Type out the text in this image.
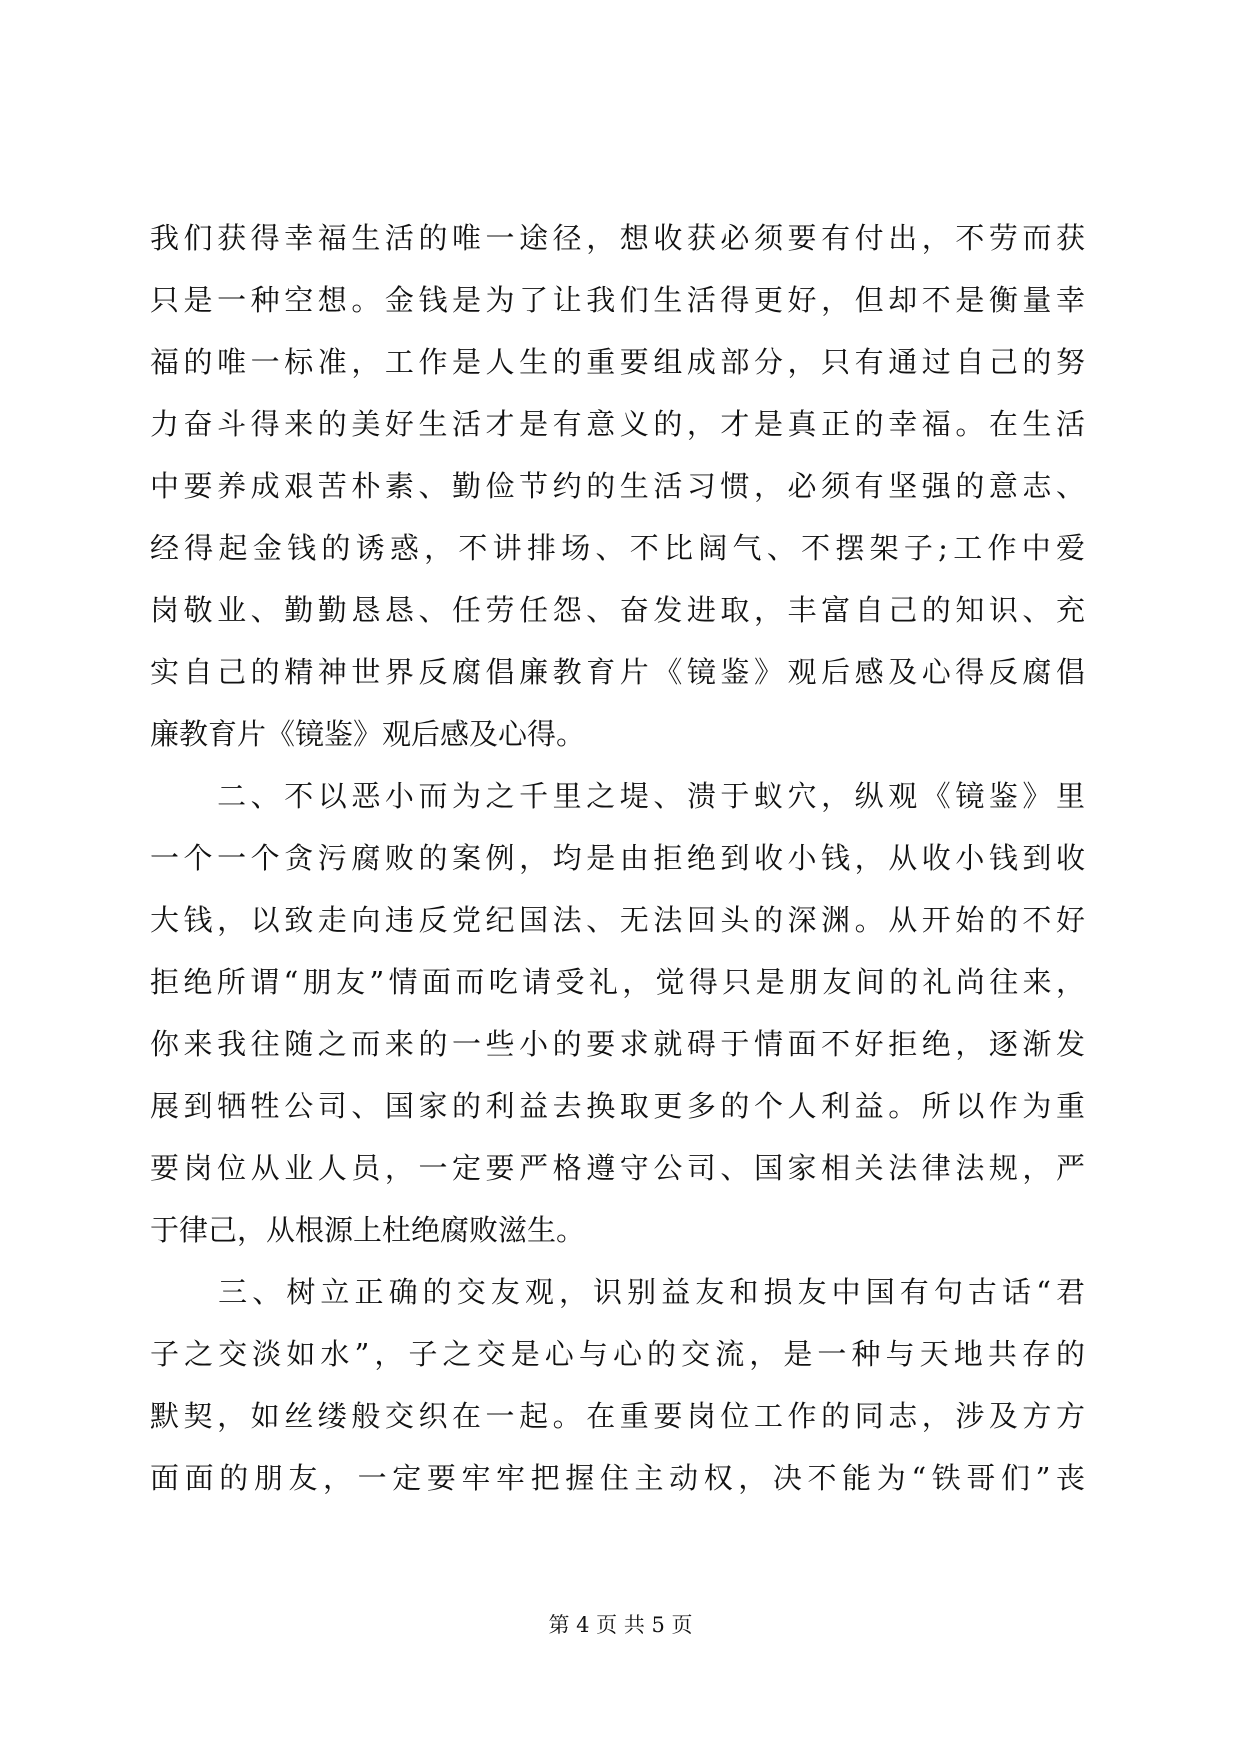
我们获得幸福生活的唯一途径，想收获必须要有付出，不劳而获
只是一种空想。金钱是为了让我们生活得更好，但却不是衡量幸
福的唯一标准，工作是人生的重要组成部分，只有通过自己的努
力奋斗得来的美好生活才是有意义的，才是真正的幸福。在生活
中要养成艰苦朴素、勤俭节约的生活习惯，必须有坚强的意志、
经得起金钱的诱惑，不讲排场、不比阔气、不摆架子;工作中爱
岗敬业、勤勤恳恳、任劳任怨、奋发进取，丰富自己的知识、充
实自己的精神世界反腐倡廉教育片《镜鉴》观后感及心得反腐倡
廉教育片《镜鉴》观后感及心得。
　　二、不以恶小而为之千里之堤、溃于蚁穴，纵观《镜鉴》里
一个一个贪污腐败的案例，均是由拒绝到收小钱，从收小钱到收
大钱，以致走向违反党纪国法、无法回头的深渊。从开始的不好
拒绝所谓“朋友”情面而吃请受礼，觉得只是朋友间的礼尚往来，
你来我往随之而来的一些小的要求就碍于情面不好拒绝，逐渐发
展到牺牲公司、国家的利益去换取更多的个人利益。所以作为重
要岗位从业人员，一定要严格遵守公司、国家相关法律法规，严
于律己，从根源上杜绝腐败滋生。
　　三、树立正确的交友观，识别益友和损友中国有句古话“君
子之交淡如水”，子之交是心与心的交流，是一种与天地共存的
默契，如丝缕般交织在一起。在重要岗位工作的同志，涉及方方
面面的朋友，一定要牢牢把握住主动权，决不能为“铁哥们”丧
第 4 页 共 5 页
